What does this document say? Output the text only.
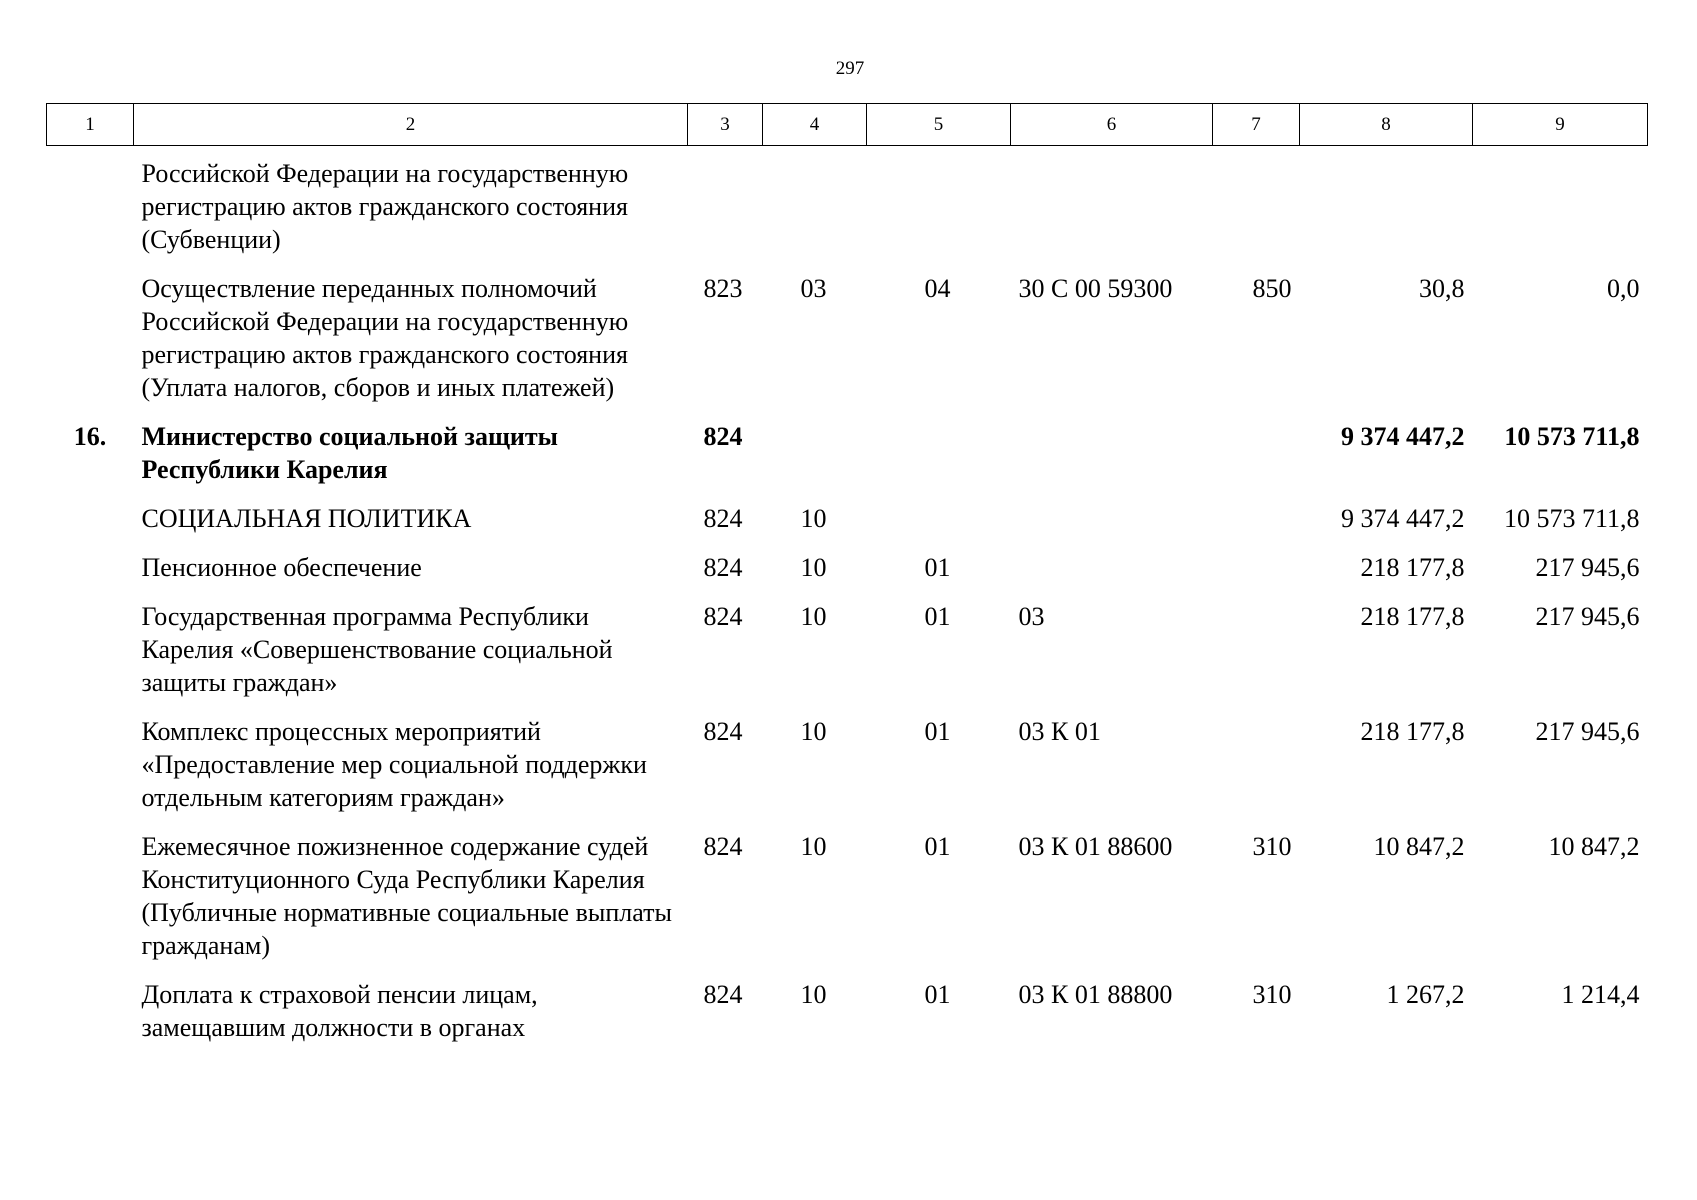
297
1	2	3	4	5	6	7	8	9
	Российской Федерации на государственную регистрацию актов гражданского состояния (Субвенции)							
	Осуществление переданных полномочий Российской Федерации на государственную регистрацию актов гражданского состояния (Уплата налогов, сборов и иных платежей)	823	03	04	30 С 00 59300	850	30,8	0,0
16.	Министерство социальной защиты Республики Карелия	824					9 374 447,2	10 573 711,8
	СОЦИАЛЬНАЯ ПОЛИТИКА	824	10				9 374 447,2	10 573 711,8
	Пенсионное обеспечение	824	10	01			218 177,8	217 945,6
	Государственная программа Республики Карелия «Совершенствование социальной защиты граждан»	824	10	01	03		218 177,8	217 945,6
	Комплекс процессных мероприятий «Предоставление мер социальной поддержки отдельным категориям граждан»	824	10	01	03 К 01		218 177,8	217 945,6
	Ежемесячное пожизненное содержание судей Конституционного Суда Республики Карелия (Публичные нормативные социальные выплаты гражданам)	824	10	01	03 К 01 88600	310	10 847,2	10 847,2
	Доплата к страховой пенсии лицам, замещавшим должности в органах	824	10	01	03 К 01 88800	310	1 267,2	1 214,4
